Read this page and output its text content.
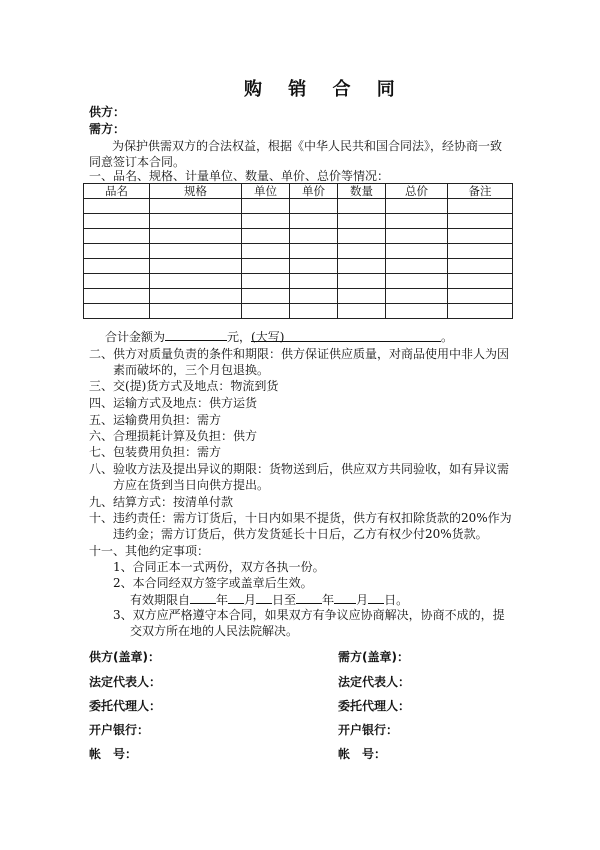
购 销 合 同
供方：
需方：
为保护供需双方的合法权益，根据《中华人民共和国合同法》，经协商一致
同意签订本合同。
一、品名、规格、计量单位、数量、单价、总价等情况：
品名	规格	单位	单价	数量	总价	备注

合计金额为	元，(大写)	。
二、供方对质量负责的条件和期限：供方保证供应质量，对商品使用中非人为因
素而破坏的，三个月包退换。
三、交(提)货方式及地点：物流到货
四、运输方式及地点：供方运货
五、运输费用负担：需方
六、合理损耗计算及负担：供方
七、包装费用负担：需方
八、验收方法及提出异议的期限：货物送到后，供应双方共同验收，如有异议需
方应在货到当日向供方提出。
九、结算方式：按清单付款
十、违约责任：需方订货后，十日内如果不提货，供方有权扣除货款的20%作为
违约金；需方订货后，供方发货延长十日后，乙方有权少付20%货款。
十一、其他约定事项：
1、合同正本一式两份，双方各执一份。
2、本合同经双方签字或盖章后生效。
有效期限自 年 月 日至 年 月 日。
3、双方应严格遵守本合同，如果双方有争议应协商解决，协商不成的，提
交双方所在地的人民法院解决。
供方(盖章)：
法定代表人：
委托代理人：
开户银行：
帐　号：
需方(盖章)：
法定代表人：
委托代理人：
开户银行：
帐　号：
